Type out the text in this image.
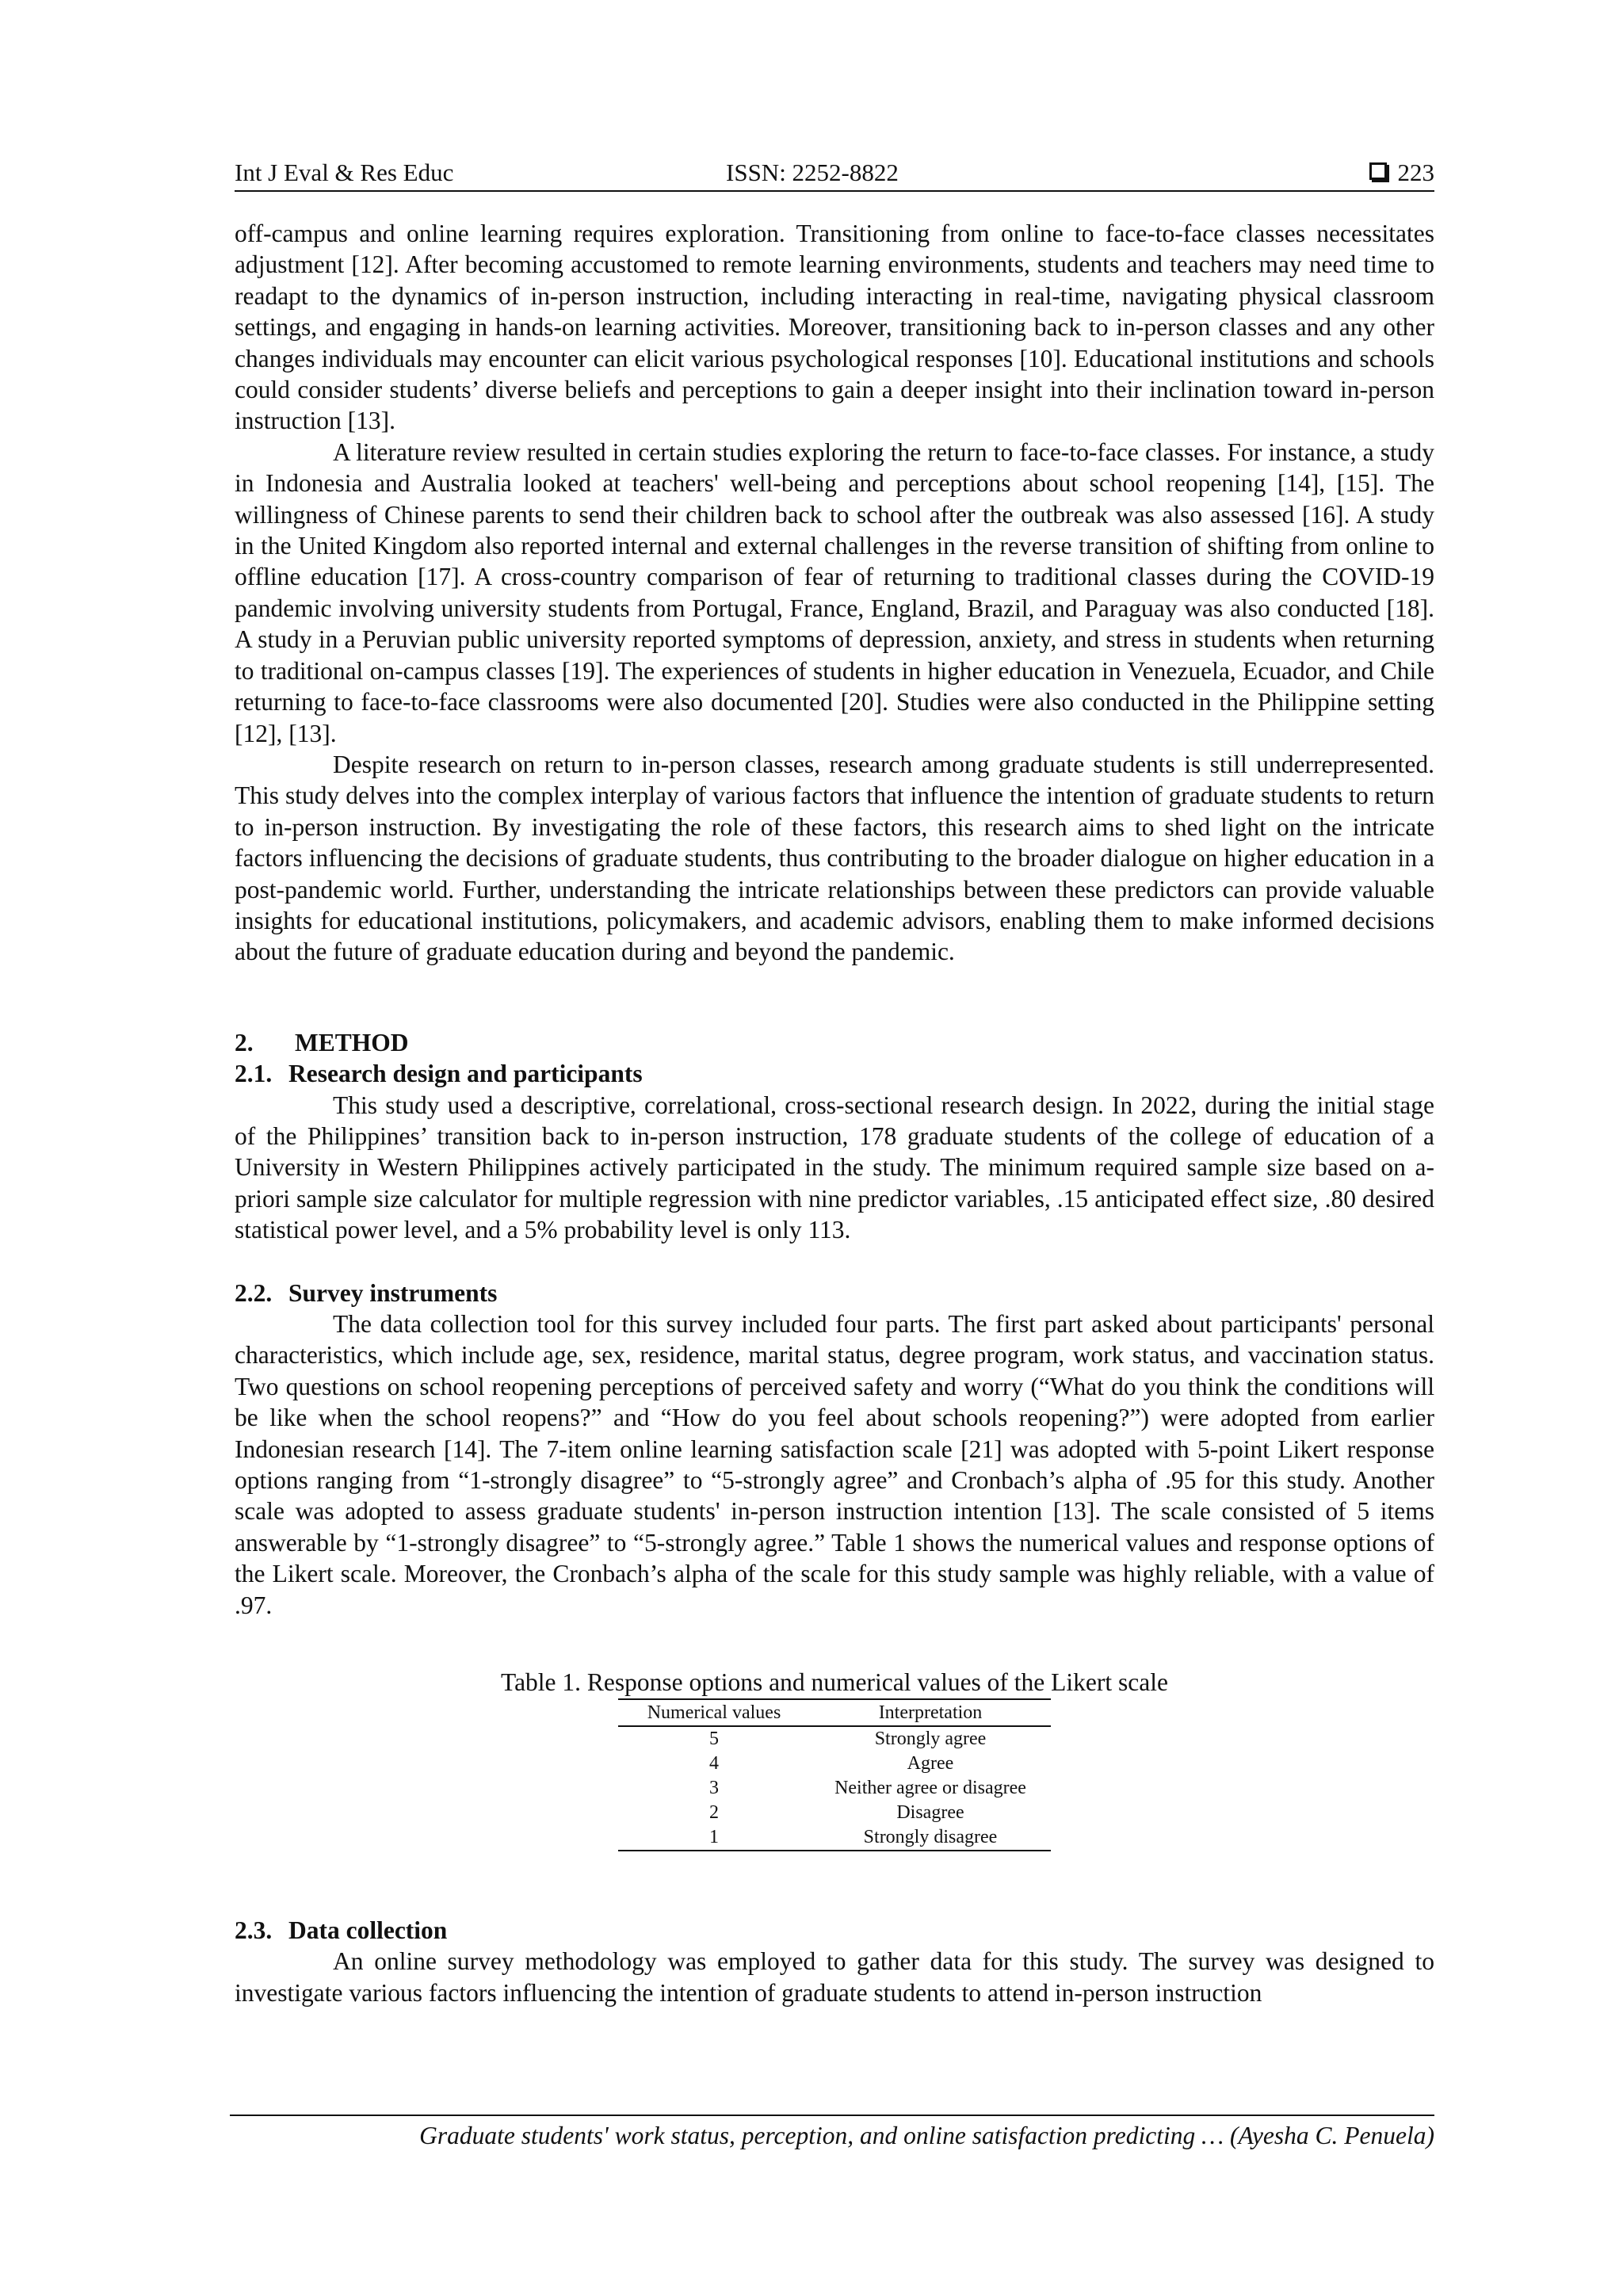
Int J Eval & Res Educ	ISSN: 2252-8822	223

off-campus and online learning requires exploration. Transitioning from online to face-to-face classes necessitates adjustment [12]. After becoming accustomed to remote learning environments, students and teachers may need time to readapt to the dynamics of in-person instruction, including interacting in real-time, navigating physical classroom settings, and engaging in hands-on learning activities. Moreover, transitioning back to in-person classes and any other changes individuals may encounter can elicit various psychological responses [10]. Educational institutions and schools could consider students’ diverse beliefs and perceptions to gain a deeper insight into their inclination toward in-person instruction [13].

A literature review resulted in certain studies exploring the return to face-to-face classes. For instance, a study in Indonesia and Australia looked at teachers' well-being and perceptions about school reopening [14], [15]. The willingness of Chinese parents to send their children back to school after the outbreak was also assessed [16]. A study in the United Kingdom also reported internal and external challenges in the reverse transition of shifting from online to offline education [17]. A cross-country comparison of fear of returning to traditional classes during the COVID-19 pandemic involving university students from Portugal, France, England, Brazil, and Paraguay was also conducted [18]. A study in a Peruvian public university reported symptoms of depression, anxiety, and stress in students when returning to traditional on-campus classes [19]. The experiences of students in higher education in Venezuela, Ecuador, and Chile returning to face-to-face classrooms were also documented [20]. Studies were also conducted in the Philippine setting [12], [13].

Despite research on return to in-person classes, research among graduate students is still underrepresented. This study delves into the complex interplay of various factors that influence the intention of graduate students to return to in-person instruction. By investigating the role of these factors, this research aims to shed light on the intricate factors influencing the decisions of graduate students, thus contributing to the broader dialogue on higher education in a post-pandemic world. Further, understanding the intricate relationships between these predictors can provide valuable insights for educational institutions, policymakers, and academic advisors, enabling them to make informed decisions about the future of graduate education during and beyond the pandemic.

2. METHOD
2.1. Research design and participants

This study used a descriptive, correlational, cross-sectional research design. In 2022, during the initial stage of the Philippines’ transition back to in-person instruction, 178 graduate students of the college of education of a University in Western Philippines actively participated in the study. The minimum required sample size based on a-priori sample size calculator for multiple regression with nine predictor variables, .15 anticipated effect size, .80 desired statistical power level, and a 5% probability level is only 113.

2.2. Survey instruments

The data collection tool for this survey included four parts. The first part asked about participants' personal characteristics, which include age, sex, residence, marital status, degree program, work status, and vaccination status. Two questions on school reopening perceptions of perceived safety and worry (“What do you think the conditions will be like when the school reopens?” and “How do you feel about schools reopening?”) were adopted from earlier Indonesian research [14]. The 7-item online learning satisfaction scale [21] was adopted with 5-point Likert response options ranging from “1-strongly disagree” to “5-strongly agree” and Cronbach’s alpha of .95 for this study. Another scale was adopted to assess graduate students' in-person instruction intention [13]. The scale consisted of 5 items answerable by “1-strongly disagree” to “5-strongly agree.” Table 1 shows the numerical values and response options of the Likert scale. Moreover, the Cronbach’s alpha of the scale for this study sample was highly reliable, with a value of .97.

Table 1. Response options and numerical values of the Likert scale
Numerical values	Interpretation
5	Strongly agree
4	Agree
3	Neither agree or disagree
2	Disagree
1	Strongly disagree
2.3. Data collection

An online survey methodology was employed to gather data for this study. The survey was designed to investigate various factors influencing the intention of graduate students to attend in-person instruction

Graduate students' work status, perception, and online satisfaction predicting … (Ayesha C. Penuela)
